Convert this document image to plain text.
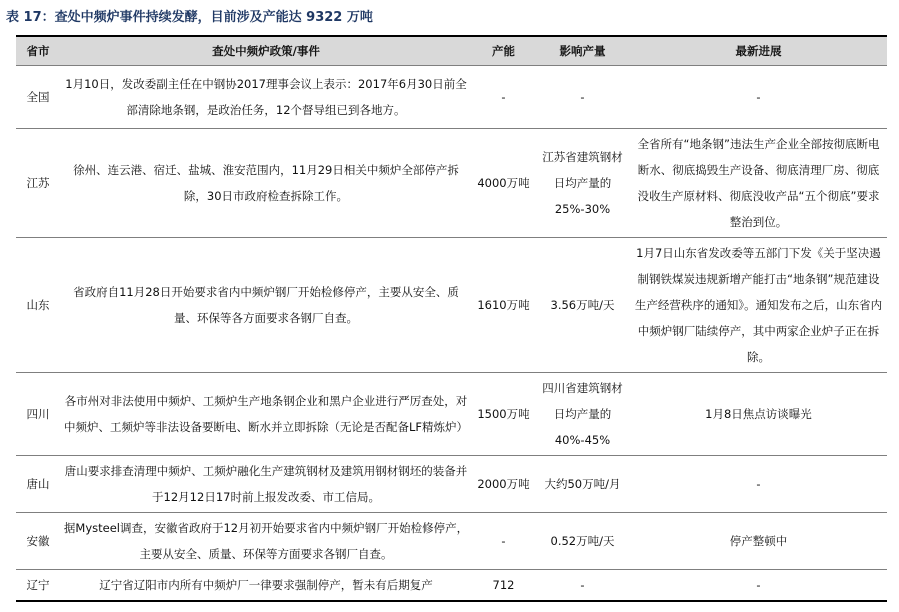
表 17：查处中频炉事件持续发酵，目前涉及产能达 9322 万吨
省市	查处中频炉政策/事件	产能	影响产量	最新进展
全国	1月10日，发改委副主任在中钢协2017理事会议上表示：2017年6月30日前全部清除地条钢，是政治任务，12个督导组已到各地方。	-	-	-
江苏	徐州、连云港、宿迁、盐城、淮安范围内，11月29日相关中频炉全部停产拆除，30日市政府检查拆除工作。	4000万吨	江苏省建筑钢材日均产量的25%-30%	全省所有“地条钢”违法生产企业全部按彻底断电断水、彻底捣毁生产设备、彻底清理厂房、彻底没收生产原材料、彻底没收产品“五个彻底”要求整治到位。
山东	省政府自11月28日开始要求省内中频炉钢厂开始检修停产，主要从安全、质量、环保等各方面要求各钢厂自查。	1610万吨	3.56万吨/天	1月7日山东省发改委等五部门下发《关于坚决遏制钢铁煤炭违规新增产能打击“地条钢”规范建设生产经营秩序的通知》。通知发布之后，山东省内中频炉钢厂陆续停产，其中两家企业炉子正在拆除。
四川	各市州对非法使用中频炉、工频炉生产地条钢企业和黑户企业进行严厉查处，对中频炉、工频炉等非法设备要断电、断水并立即拆除（无论是否配备LF精炼炉）	1500万吨	四川省建筑钢材日均产量的40%-45%	1月8日焦点访谈曝光
唐山	唐山要求排查清理中频炉、工频炉融化生产建筑钢材及建筑用钢材钢坯的装备并于12月12日17时前上报发改委、市工信局。	2000万吨	大约50万吨/月	-
安徽	据Mysteel调查，安徽省政府于12月初开始要求省内中频炉钢厂开始检修停产，主要从安全、质量、环保等方面要求各钢厂自查。	-	0.52万吨/天	停产整顿中
辽宁	辽宁省辽阳市内所有中频炉厂一律要求强制停产，暂未有后期复产	712	-	-
